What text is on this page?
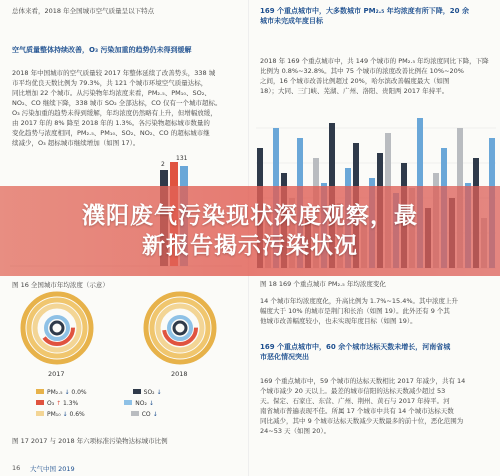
总体来看，2018 年全国城市空气质量呈以下特点
空气质量整体持续改善，O₃ 污染加重的趋势仍未得到缓解
2018 年中国城市的空气质量较 2017 年整体延续了改善势头，338 城
市平均优良天数比例为 79.3%，共 121 个城市环境空气质量达标，
同比增加 22 个城市。从污染物年均浓度来看，PM₂.₅、PM₁₀、SO₂、
NO₂、CO 继续下降，338 城市 SO₂ 全部达标，CO 仅有一个城市超标。
O₃ 污染加重的趋势未得到缓解，年均浓度仍然略有上升，但增幅放缓，
由 2017 年的 8% 降至 2018 年的 1.3%。各污染物超标城市数量的
变化趋势与浓度相同，PM₂.₅、PM₁₀、SO₂、NO₂、CO 的超标城市继
续减少，O₃ 超标城市继续增加（如图 17）。
2
131
图 16 全国城市年均浓度（示意）
2017	2018
PM₂.₅ ↓ 0.0%	SO₂ ↓
O₃ ↑ 1.3%	NO₂ ↓
PM₁₀ ↓ 0.6%	CO ↓
图 17 2017 与 2018 年六项标准污染物达标城市比例
16 大气中国 2019
169 个重点城市中，大多数城市 PM₂.₅ 年均浓度有所下降，20 余
城市未完成年度目标
2018 年 169 个重点城市中，共 149 个城市的 PM₂.₅ 年均浓度同比下降，下降
比例为 0.8%~32.8%。其中 75 个城市的浓度改善比例在 10%~20%
之间，16 个城市改善比例超过 20%，哈尔滨改善幅度最大（如图
18）；大同、三门峡、芜湖、广州、洛阳、贵阳两 2017 年持平。
图 18 169 个重点城市 PM₂.₅ 年均浓度变化
14 个城市年均浓度度化，升高比例为 1.7%~15.4%。其中浓度上升
幅度大于 10% 的城市是荆门和长治（如图 19）。此外还有 9 个其
他城市改善幅度较小，也未实现年度目标（如图 19）。
169 个重点城市中，60 余个城市达标天数未增长，河南省城
市恶化情况突出
169 个重点城市中，59 个城市的达标天数相比 2017 年减少，共有 14
个城市减少 20 天以上。最差的城市信阳的达标天数减少超过 53
天。保定、石家庄、东营、广州、荆州、黄石与 2017 年持平。河
南省城市普遍表现不佳。所属 17 个城市中共有 14 个城市达标天数
同比减少，其中 9 个城市达标天数减少天数最多的前十位，恶化范围为
24~53 天（如图 20）。
濮阳废气污染现状深度观察，最
新报告揭示污染状况
